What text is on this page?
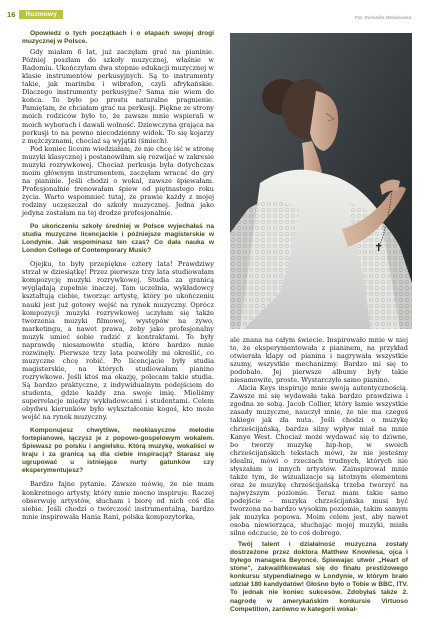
16	Rozmowy
Fot. Dominika Wiśniewska

Opowiedz o tych początkach i o etapach swojej drogi muzycznej w Polsce.

Gdy miałam 6 lat, już zaczęłam grać na pianinie. Później poszłam do szkoły muzycznej, właśnie w Radomiu. Ukończyłam dwa stopnie edukacji muzycznej w klasie instrumentów perkusyjnych. Są to instrumenty takie, jak marimba i wibrafon, czyli afrykańskie. Dlaczego instrumenty perkusyjne? Sama nie wiem do końca. To było po prostu naturalne pragnienie. Pamiętam, że chciałam grać na perkusji. Piękne ze strony moich rodziców było to, że zawsze mnie wspierali w moich wyborach i dawali wolność. Dziewczyna grająca na perkusji to na pewno niecodzienny widok. To się kojarzy z mężczyznami, chociaż są wyjątki (śmiech).

Pod koniec liceum wiedziałam, że nie chcę iść w stronę muzyki klasycznej i postanowiłam się rozwijać w zakresie muzyki rozrywkowej. Chociaż perkusja była dotychczas moim głównym instrumentem, zaczęłam wracać do gry na pianinie. Jeśli chodzi o wokal, zawsze śpiewałam. Profesjonalnie trenowałam śpiew od piętnastego roku życia. Warto wspomnieć tutaj, że prawie każdy z mojej rodziny uczęszczał do szkoły muzycznej. Jedna jako jedyna zostałam na tej drodze profesjonalnie.

Po ukończeniu szkoły średniej w Polsce wyjechałaś na studia muzyczne licencjackie i późniejsze magisterskie w Londynie. Jak wspominasz ten czas? Co dała nauka w London College of Contemporary Music?

Ojejku, to były przepiękne cztery lata! Prawdziwy strzał w dziesiątkę! Przez pierwsze trzy lata studiowałam kompozycję muzyki rozrywkowej. Studia za granicą wyglądają zupełnie inaczej. Tam uczelnia, wykładowcy kształtują ciebie, tworząc artystę, który po ukończeniu nauki jest już gotowy wejść na rynek muzyczny. Oprócz kompozycji muzyki rozrywkowej uczyłam się także tworzenia muzyki filmowej, występów na żywo, marketingu, a nawet prawa, żeby jako profesjonalny muzyk umieć sobie radzić z kontraktami. To były naprawdę niesamowite studia, które bardzo mnie rozwinęły. Pierwsze trzy lata pozwoliły mi określić, co muzyczne chcę robić. Po licencjacie były studia magisterskie, na których studiowałam pianino rozrywkowe. Jeśli ktoś ma okazję, polecam takie studia. Są bardzo praktyczne, z indywidualnym podejściem do studenta, gdzie każdy zna swoje imię. Mieliśmy superrelacje między wykładowcami i studentami. Celem obydwu kierunków było wykształcenie kogoś, kto może wejść na rynek muzyczny.

Komponujesz chwytliwe, neoklasyczne melodie fortepianowe, łączysz je z popowo-gospelowym wokalem. Śpiewasz po polsku i angielsku. Którą muzykę, wokaliści w kraju i za granicą są dla ciebie inspiracją? Starasz się ugrupować u istniejące nurty gatunków czy eksperymentujesz?

Bardzo fajne pytanie. Zawsze mówię, że nie mam konkretnego artysty, który mnie mocno inspiruje. Raczej obserwuję artystów, słucham i biorę od nich coś dla siebie. Jeśli chodzi o twórczość instrumentalną, bardzo mnie inspirowała Hania Rani, polska kompozytorka,

ale znana na całym świecie. Inspirowało mnie w niej to, że eksperymentowała z pianinem, na przykład otwierała klapy od pianina i nagrywała wszystkie szumy, wszystkie mechanizmy. Bardzo mi się to podobało. Jej pierwsze albumy były takie niesamowite, proste. Wystarczyło samo pianino.

Alicia Keys inspiruje mnie swoją autentycznością. Zawsze mi się wydawała taka bardzo prawdziwa i zgodna ze sobą. Jacob Collier, który łamie wszystkie zasady muzyczne, nauczył mnie, że nie ma czegoś takiego jak zła nuta. Jeśli chodzi o muzykę chrześcijańską, bardzo silny wpływ miał na mnie Kanye West. Chociaż może wydawać się to dziwne, bo tworzy muzykę hip-hop, w swoich chrześcijańskich tekstach mówi, że nie jesteśmy idealni, mówi o rzeczach trudnych, których nie słyszałam u innych artystów. Zainspirował mnie także tym, że wizualizacje są istotnym elementem oraz że muzykę chrześcijańską trzeba tworzyć na najwyższym poziomie. Teraz mam takie samo podejście – muzyka chrześcijańska musi być tworzona na bardzo wysokim poziomie, takim samym jak muzyka popowa. Moim celem jest, aby nawet osoba niewierząca, słuchając mojej muzyki, miała silne odczucie, że to coś dobrego.

Twój talent i działalność muzyczna zostały dostrzeżone przez doktora Matthew Knowlesa, ojca i byłego managera Beyoncé. Śpiewając utwór „Heart of stone", zakwalifikowałaś się do finału prestiżowego konkursu stypendialnego w Londynie, w którym brało udział 180 kandydatów! Głośno było o Tobie w BBC, ITV. To jednak nie koniec sukcesów. Zdobyłaś także 2. nagrodę w amerykańskim konkursie Virtuoso Competition, zarówno w kategorii wokal-
